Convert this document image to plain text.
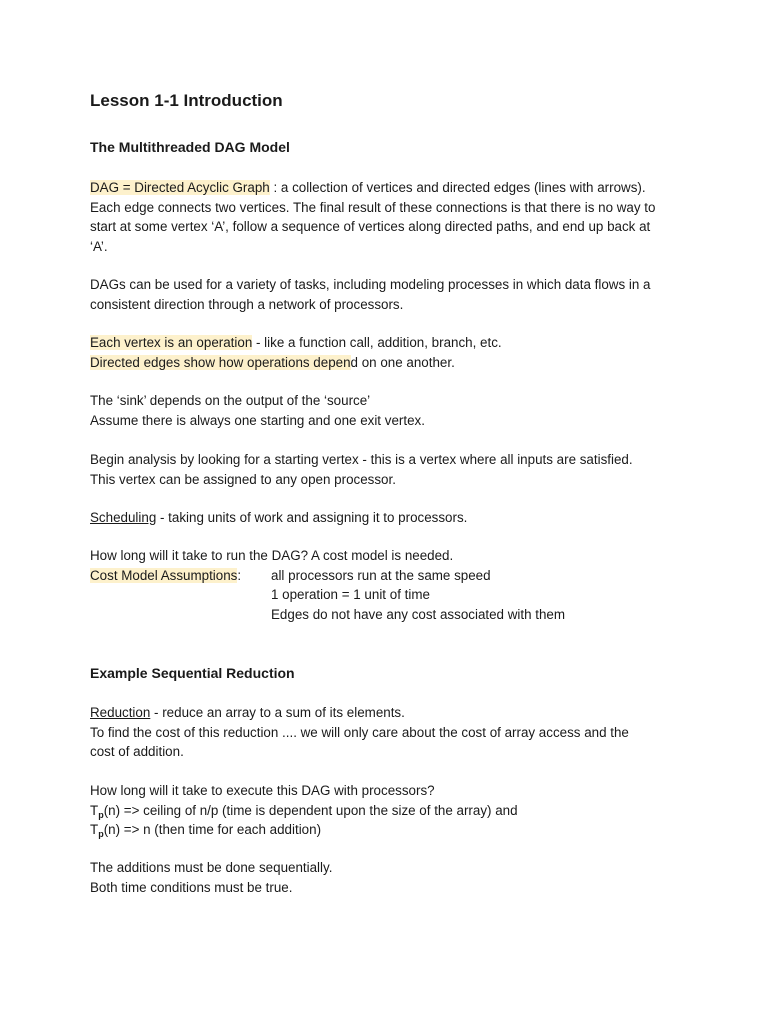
Lesson 1-1 Introduction
The Multithreaded DAG Model
DAG = Directed Acyclic Graph : a collection of vertices and directed edges (lines with arrows).
Each edge connects two vertices. The final result of these connections is that there is no way to
start at some vertex ‘A’, follow a sequence of vertices along directed paths, and end up back at
‘A’.
DAGs can be used for a variety of tasks, including modeling processes in which data flows in a
consistent direction through a network of processors.
Each vertex is an operation - like a function call, addition, branch, etc.
Directed edges show how operations depend on one another.
The ‘sink’ depends on the output of the ‘source’
Assume there is always one starting and one exit vertex.
Begin analysis by looking for a starting vertex - this is a vertex where all inputs are satisfied.
This vertex can be assigned to any open processor.
Scheduling - taking units of work and assigning it to processors.
How long will it take to run the DAG? A cost model is needed.
Cost Model Assumptions: all processors run at the same speed
1 operation = 1 unit of time
Edges do not have any cost associated with them
Example Sequential Reduction
Reduction - reduce an array to a sum of its elements.
To find the cost of this reduction .... we will only care about the cost of array access and the
cost of addition.
How long will it take to execute this DAG with processors?
$T_p(n)$ => ceiling of n/p (time is dependent upon the size of the array) and
$T_p(n) => n$ (then time for each addition)
The additions must be done sequentially.
Both time conditions must be true.
